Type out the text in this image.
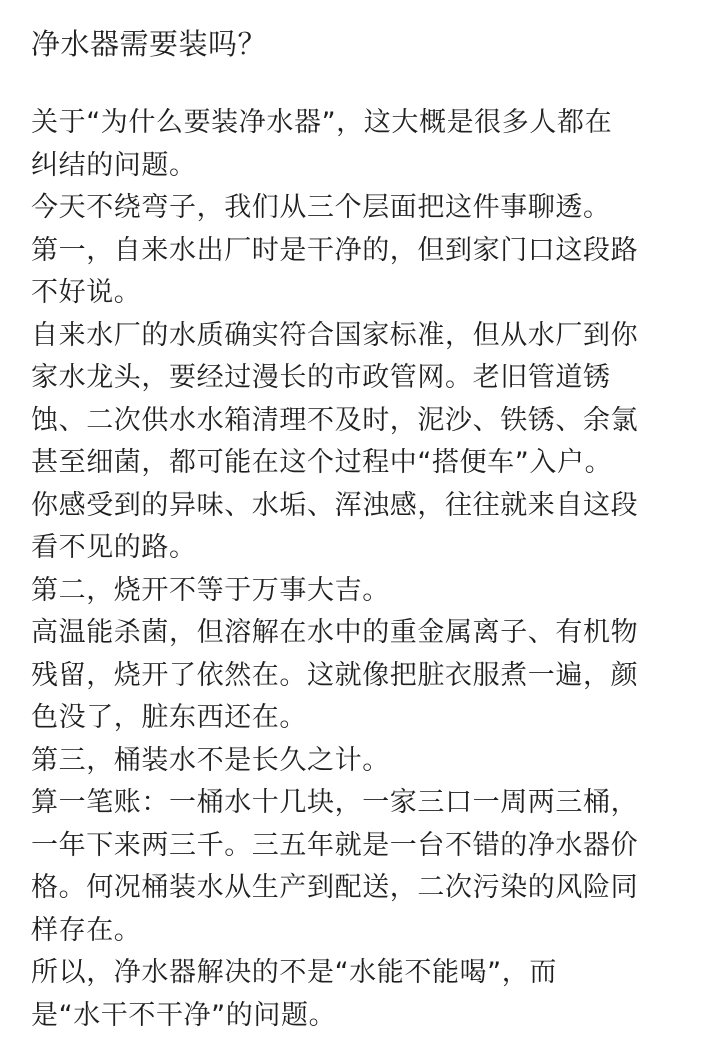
净水器需要装吗？
关于“为什么要装净水器”，这大概是很多人都在
纠结的问题。
今天不绕弯子，我们从三个层面把这件事聊透。
第一，自来水出厂时是干净的，但到家门口这段路
不好说。
自来水厂的水质确实符合国家标准，但从水厂到你
家水龙头，要经过漫长的市政管网。老旧管道锈
蚀、二次供水水箱清理不及时，泥沙、铁锈、余氯
甚至细菌，都可能在这个过程中“搭便车”入户。
你感受到的异味、水垢、浑浊感，往往就来自这段
看不见的路。
第二，烧开不等于万事大吉。
高温能杀菌，但溶解在水中的重金属离子、有机物
残留，烧开了依然在。这就像把脏衣服煮一遍，颜
色没了，脏东西还在。
第三，桶装水不是长久之计。
算一笔账：一桶水十几块，一家三口一周两三桶，
一年下来两三千。三五年就是一台不错的净水器价
格。何况桶装水从生产到配送，二次污染的风险同
样存在。
所以，净水器解决的不是“水能不能喝”，而
是“水干不干净”的问题。
